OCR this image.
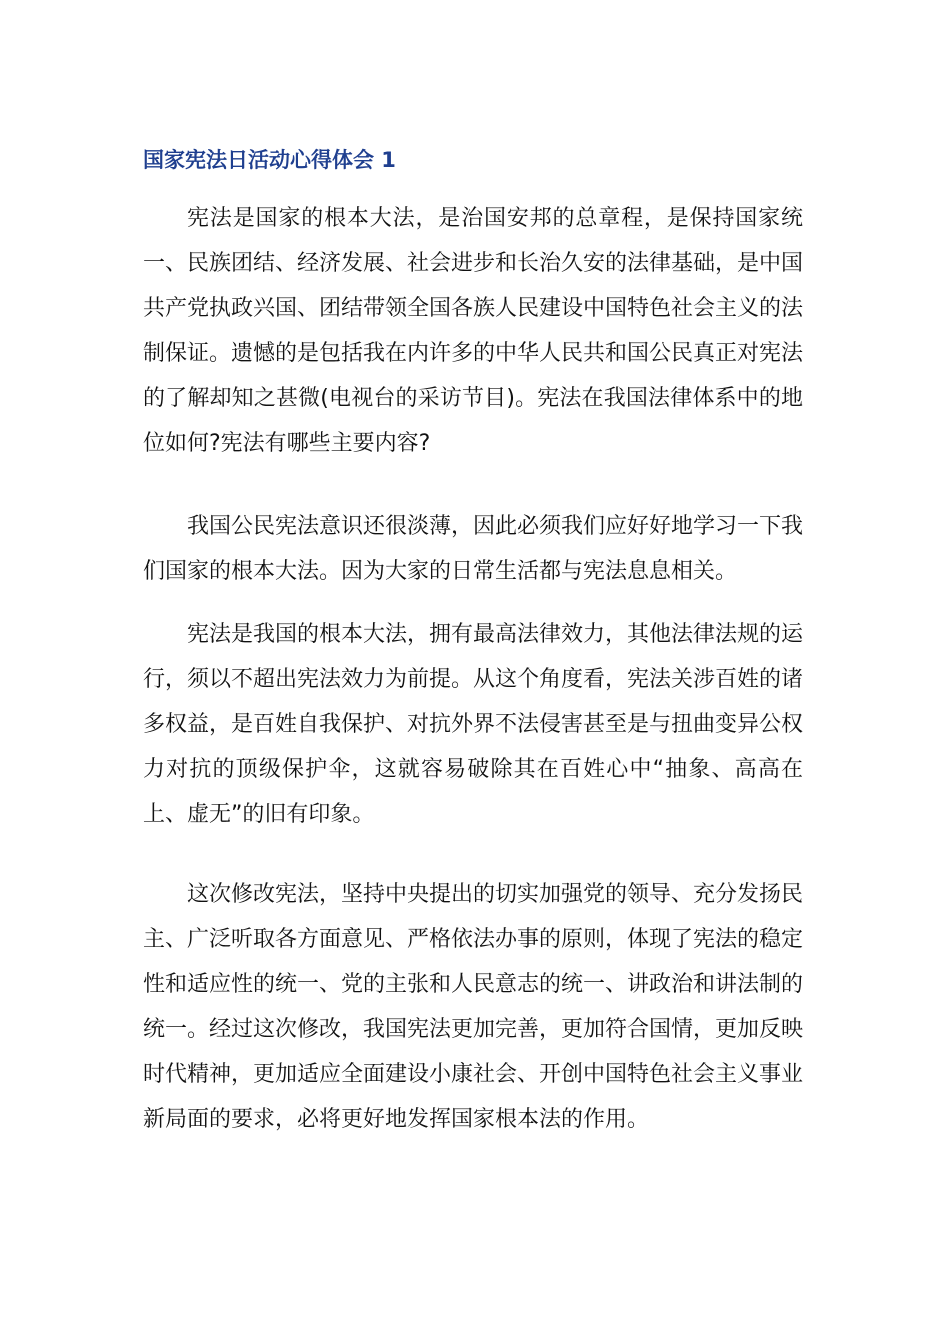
国家宪法日活动心得体会 1

宪法是国家的根本大法，是治国安邦的总章程，是保持国家统一、民族团结、经济发展、社会进步和长治久安的法律基础，是中国共产党执政兴国、团结带领全国各族人民建设中国特色社会主义的法制保证。遗憾的是包括我在内许多的中华人民共和国公民真正对宪法的了解却知之甚微(电视台的采访节目)。宪法在我国法律体系中的地位如何?宪法有哪些主要内容?

我国公民宪法意识还很淡薄，因此必须我们应好好地学习一下我们国家的根本大法。因为大家的日常生活都与宪法息息相关。

宪法是我国的根本大法，拥有最高法律效力，其他法律法规的运行，须以不超出宪法效力为前提。从这个角度看，宪法关涉百姓的诸多权益，是百姓自我保护、对抗外界不法侵害甚至是与扭曲变异公权力对抗的顶级保护伞，这就容易破除其在百姓心中“抽象、高高在上、虚无”的旧有印象。

这次修改宪法，坚持中央提出的切实加强党的领导、充分发扬民主、广泛听取各方面意见、严格依法办事的原则，体现了宪法的稳定性和适应性的统一、党的主张和人民意志的统一、讲政治和讲法制的统一。经过这次修改，我国宪法更加完善，更加符合国情，更加反映时代精神，更加适应全面建设小康社会、开创中国特色社会主义事业新局面的要求，必将更好地发挥国家根本法的作用。
